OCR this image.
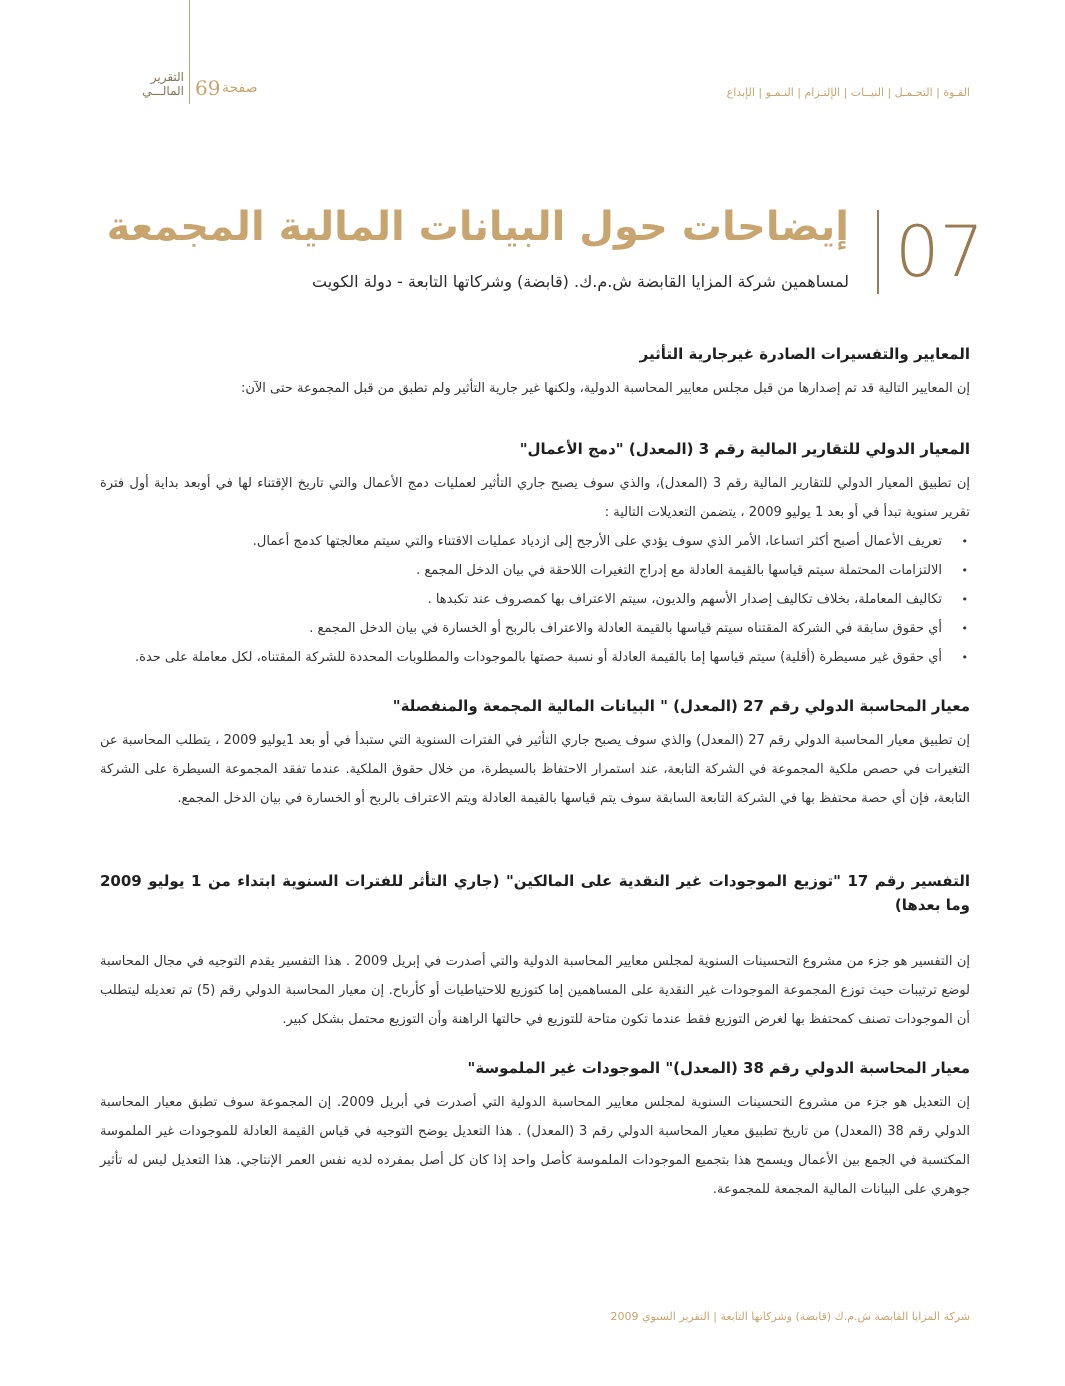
التقرير
المالـــي 69 صفحة	القـوة | التحـمـل | النيــات | الإلتـزام | النـمـو | الإبداع
07
إيضاحات حول البيانات المالية المجمعة
لمساهمين شركة المزايا القابضة ش.م.ك. (قابضة) وشركاتها التابعة - دولة الكويت
المعايير والتفسيرات الصادرة غيرجارية التأثير

إن المعايير التالية قد تم إصدارها من قبل مجلس معايير المحاسبة الدولية، ولكنها غير جارية التأثير ولم تطبق من قبل المجموعة حتى الآن:

المعيار الدولي للتقارير المالية رقم 3 (المعدل) "دمج الأعمال"

إن تطبيق المعيار الدولي للتقارير المالية رقم 3 (المعدل)، والذي سوف يصبح جاري التأثير لعمليات دمج الأعمال والتي تاريخ الإقتناء لها في أوبعد بداية أول فترة تقرير سنوية تبدأ في أو بعد 1 يوليو 2009 ، يتضمن التعديلات التالية :

• تعريف الأعمال أصبح أكثر اتساعا، الأمر الذي سوف يؤدي على الأرجح إلى ازدياد عمليات الاقتناء والتي سيتم معالجتها كدمج أعمال.
• الالتزامات المحتملة سيتم قياسها بالقيمة العادلة مع إدراج التغيرات اللاحقة في بيان الدخل المجمع .
• تكاليف المعاملة، بخلاف تكاليف إصدار الأسهم والديون، سيتم الاعتراف بها كمصروف عند تكبدها .
• أي حقوق سابقة في الشركة المقتناه سيتم قياسها بالقيمة العادلة والاعتراف بالربح أو الخسارة في بيان الدخل المجمع .
• أي حقوق غير مسيطرة (أقلية) سيتم قياسها إما بالقيمة العادلة أو نسبة حصتها بالموجودات والمطلوبات المحددة للشركة المقتناه، لكل معاملة على حدة.
معيار المحاسبة الدولي رقم 27 (المعدل) " البيانات المالية المجمعة والمنفصلة"

إن تطبيق معيار المحاسبة الدولي رقم 27 (المعدل) والذي سوف يصبح جاري التأثير في الفترات السنوية التي ستبدأ في أو بعد 1يوليو 2009 ، يتطلب المحاسبة عن التغيرات في حصص ملكية المجموعة في الشركة التابعة، عند استمرار الاحتفاظ بالسيطرة، من خلال حقوق الملكية. عندما تفقد المجموعة السيطرة على الشركة التابعة، فإن أي حصة محتفظ بها في الشركة التابعة السابقة سوف يتم قياسها بالقيمة العادلة ويتم الاعتراف بالربح أو الخسارة في بيان الدخل المجمع.

التفسير رقم 17 "توزيع الموجودات غير النقدية على المالكين" (جاري التأثر للفترات السنوية ابتداء من 1 يوليو 2009 وما بعدها)

إن التفسير هو جزء من مشروع التحسينات السنوية لمجلس معايير المحاسبة الدولية والتي أصدرت في إبريل 2009 . هذا التفسير يقدم التوجيه في مجال المحاسبة لوضع ترتيبات حيث توزع المجموعة الموجودات غير النقدية على المساهمين إما كتوزيع للاحتياطيات أو كأرباح. إن معيار المحاسبة الدولي رقم (5) تم تعديله ليتطلب أن الموجودات تصنف كمحتفظ بها لغرض التوزيع فقط عندما تكون متاحة للتوزيع في حالتها الراهنة وأن التوزيع محتمل بشكل كبير.

معيار المحاسبة الدولي رقم 38 (المعدل)" الموجودات غير الملموسة"

إن التعديل هو جزء من مشروع التحسينات السنوية لمجلس معايير المحاسبة الدولية التي أصدرت في أبريل 2009. إن المجموعة سوف تطبق معيار المحاسبة الدولي رقم 38 (المعدل) من تاريخ تطبيق معيار المحاسبة الدولي رقم 3 (المعدل) . هذا التعديل يوضح التوجيه في قياس القيمة العادلة للموجودات غير الملموسة المكتسبة في الجمع بين الأعمال ويسمح هذا بتجميع الموجودات الملموسة كأصل واحد إذا كان كل أصل بمفرده لديه نفس العمر الإنتاجي. هذا التعديل ليس له تأثير جوهري على البيانات المالية المجمعة للمجموعة.

شركة المزايا القابضة ش.م.ك (قابضة) وشركاتها التابعة | التقرير السنوي 2009
